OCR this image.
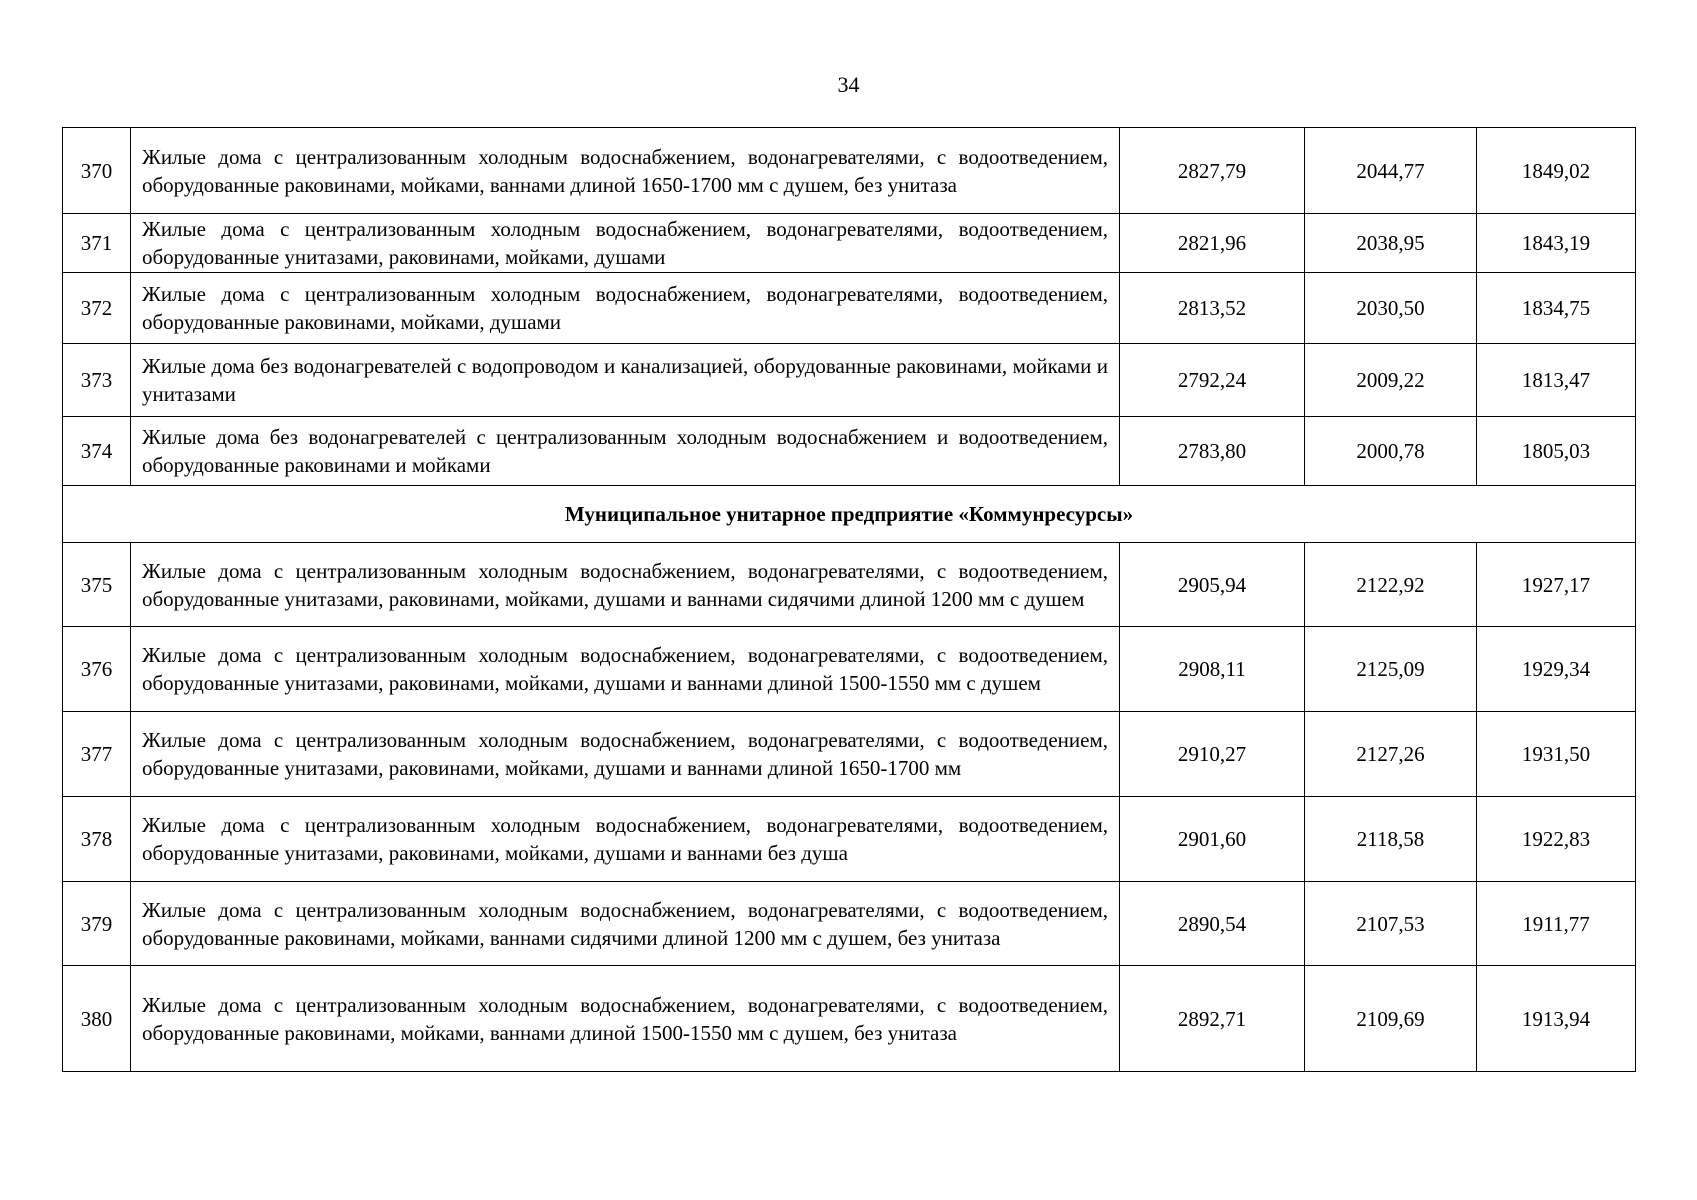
34
370	Жилые дома с централизованным холодным водоснабжением, водонагревателями, с водоотведением, оборудованные раковинами, мойками, ваннами длиной 1650-1700 мм с душем, без унитаза	2827,79	2044,77	1849,02
371	Жилые дома с централизованным холодным водоснабжением, водонагревателями, водоотведением, оборудованные унитазами, раковинами, мойками, душами	2821,96	2038,95	1843,19
372	Жилые дома с централизованным холодным водоснабжением, водонагревателями, водоотведением, оборудованные раковинами, мойками, душами	2813,52	2030,50	1834,75
373	Жилые дома без водонагревателей с водопроводом и канализацией, оборудованные раковинами, мойками и унитазами	2792,24	2009,22	1813,47
374	Жилые дома без водонагревателей с централизованным холодным водоснабжением и водоотведением, оборудованные раковинами и мойками	2783,80	2000,78	1805,03
Муниципальное унитарное предприятие «Коммунресурсы»				
375	Жилые дома с централизованным холодным водоснабжением, водонагревателями, с водоотведением, оборудованные унитазами, раковинами, мойками, душами и ваннами сидячими длиной 1200 мм с душем	2905,94	2122,92	1927,17
376	Жилые дома с централизованным холодным водоснабжением, водонагревателями, с водоотведением, оборудованные унитазами, раковинами, мойками, душами и ваннами длиной 1500-1550 мм с душем	2908,11	2125,09	1929,34
377	Жилые дома с централизованным холодным водоснабжением, водонагревателями, с водоотведением, оборудованные унитазами, раковинами, мойками, душами и ваннами длиной 1650-1700 мм	2910,27	2127,26	1931,50
378	Жилые дома с централизованным холодным водоснабжением, водонагревателями, водоотведением, оборудованные унитазами, раковинами, мойками, душами и ваннами без душа	2901,60	2118,58	1922,83
379	Жилые дома с централизованным холодным водоснабжением, водонагревателями, с водоотведением, оборудованные раковинами, мойками, ваннами сидячими длиной 1200 мм с душем, без унитаза	2890,54	2107,53	1911,77
380	Жилые дома с централизованным холодным водоснабжением, водонагревателями, с водоотведением, оборудованные раковинами, мойками, ваннами длиной 1500-1550 мм с душем, без унитаза	2892,71	2109,69	1913,94
